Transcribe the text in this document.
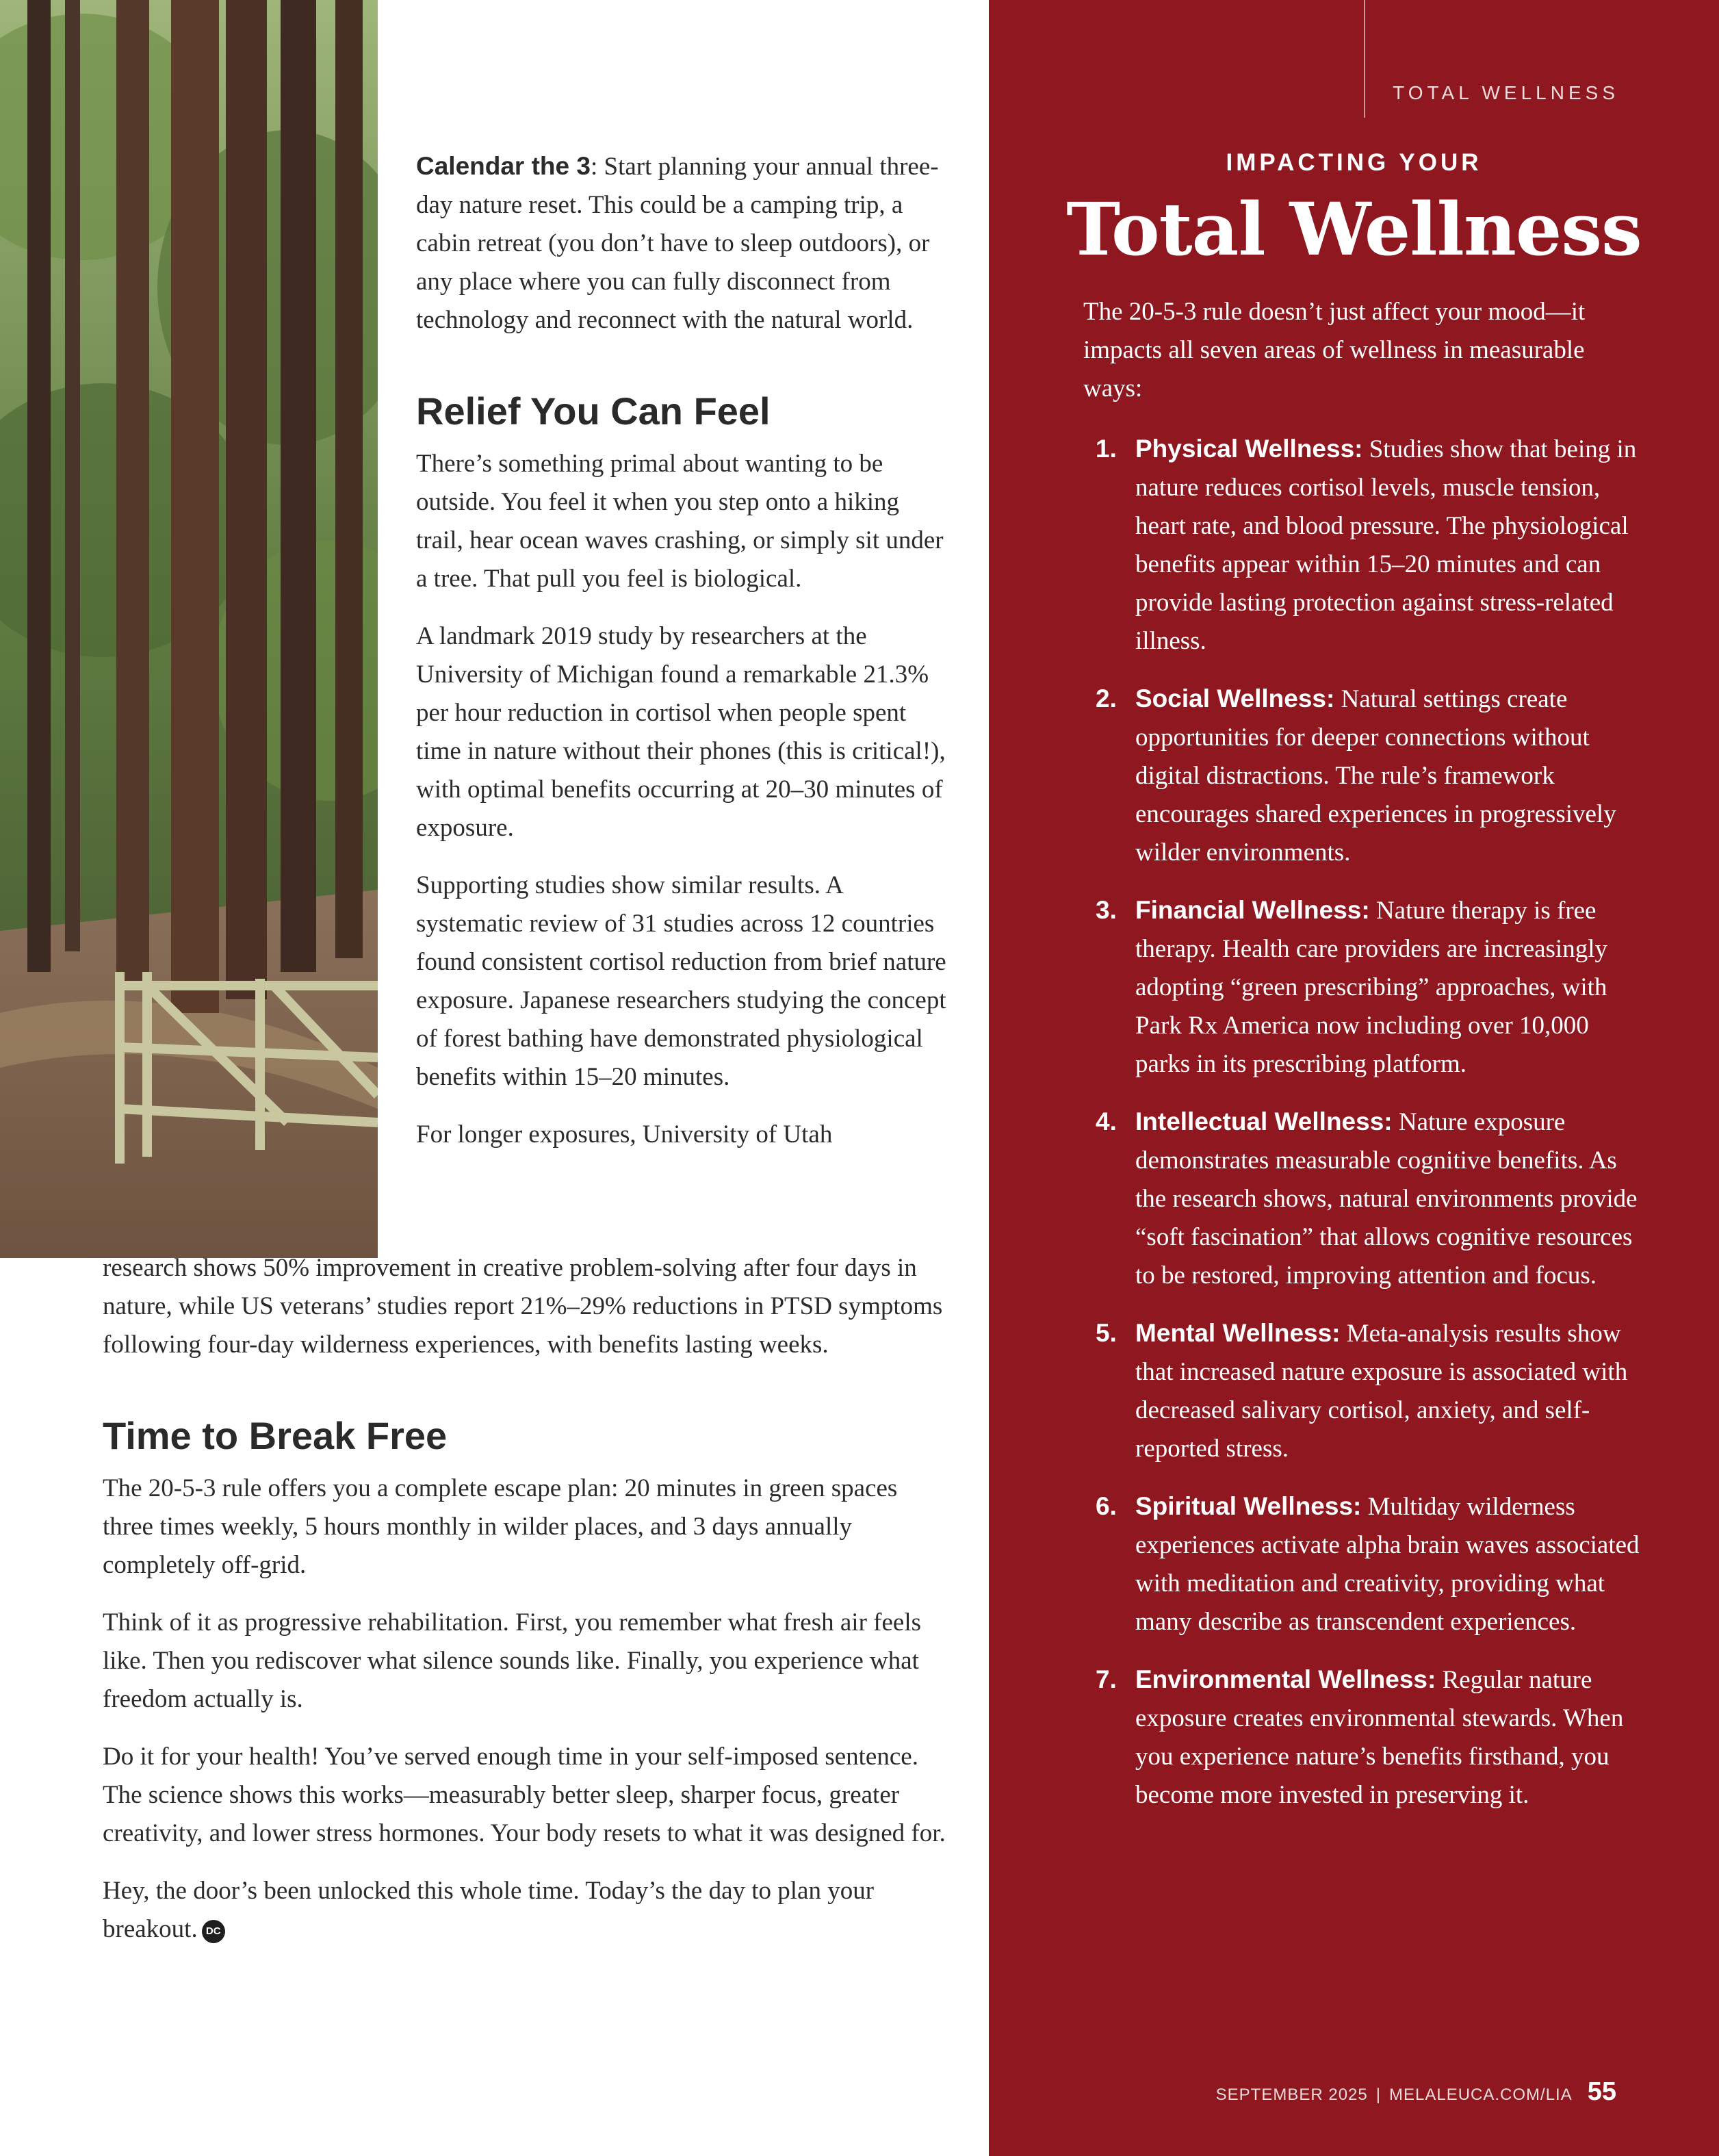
Calendar the 3: Start planning your annual three-day nature reset. This could be a camping trip, a cabin retreat (you don’t have to sleep outdoors), or any place where you can fully disconnect from technology and reconnect with the natural world.

Relief You Can Feel

There’s something primal about wanting to be outside. You feel it when you step onto a hiking trail, hear ocean waves crashing, or simply sit under a tree. That pull you feel is biological.

A landmark 2019 study by researchers at the University of Michigan found a remarkable 21.3% per hour reduction in cortisol when people spent time in nature without their phones (this is critical!), with optimal benefits occurring at 20–30 minutes of exposure.

Supporting studies show similar results. A systematic review of 31 studies across 12 countries found consistent cortisol reduction from brief nature exposure. Japanese researchers studying the concept of forest bathing have demonstrated physiological benefits within 15–20 minutes.

For longer exposures, University of Utah

research shows 50% improvement in creative problem-solving after four days in nature, while US veterans’ studies report 21%–29% reductions in PTSD symptoms following four-day wilderness experiences, with benefits lasting weeks.

Time to Break Free

The 20-5-3 rule offers you a complete escape plan: 20 minutes in green spaces three times weekly, 5 hours monthly in wilder places, and 3 days annually completely off-grid.

Think of it as progressive rehabilitation. First, you remember what fresh air feels like. Then you rediscover what silence sounds like. Finally, you experience what freedom actually is.

Do it for your health! You’ve served enough time in your self-imposed sentence. The science shows this works—measurably better sleep, sharper focus, greater creativity, and lower stress hormones. Your body resets to what it was designed for.

Hey, the door’s been unlocked this whole time. Today’s the day to plan your breakout. DC

TOTAL WELLNESS
IMPACTING YOUR
Total Wellness

The 20-5-3 rule doesn’t just affect your mood—it impacts all seven areas of wellness in measurable ways:

1. Physical Wellness: Studies show that being in nature reduces cortisol levels, muscle tension, heart rate, and blood pressure. The physiological benefits appear within 15–20 minutes and can provide lasting protection against stress-related illness.
2. Social Wellness: Natural settings create opportunities for deeper connections without digital distractions. The rule’s framework encourages shared experiences in progressively wilder environments.
3. Financial Wellness: Nature therapy is free therapy. Health care providers are increasingly adopting “green prescribing” approaches, with Park Rx America now including over 10,000 parks in its prescribing platform.
4. Intellectual Wellness: Nature exposure demonstrates measurable cognitive benefits. As the research shows, natural environments provide “soft fascination” that allows cognitive resources to be restored, improving attention and focus.
5. Mental Wellness: Meta-analysis results show that increased nature exposure is associated with decreased salivary cortisol, anxiety, and self-reported stress.
6. Spiritual Wellness: Multiday wilderness experiences activate alpha brain waves associated with meditation and creativity, providing what many describe as transcendent experiences.
7. Environmental Wellness: Regular nature exposure creates environmental stewards. When you experience nature’s benefits firsthand, you become more invested in preserving it.
SEPTEMBER 2025 | MELALEUCA.COM/LIA 55
